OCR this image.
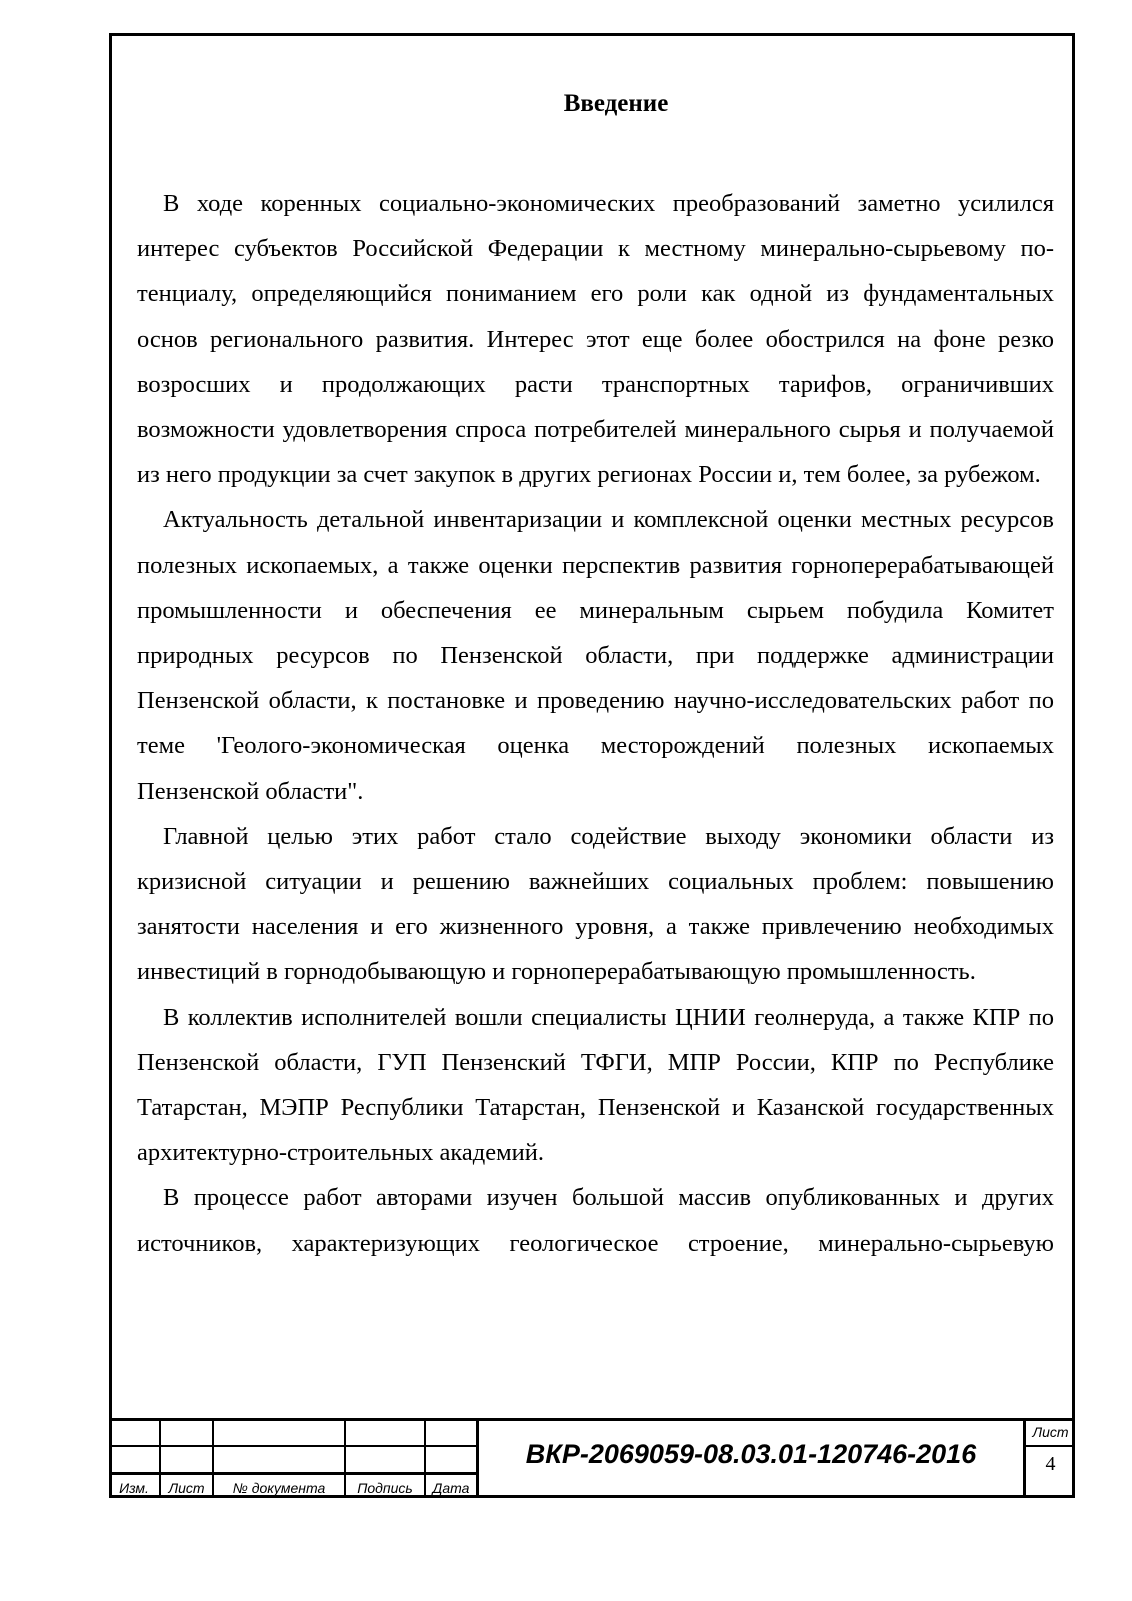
Введение

В ходе коренных социально-экономических преобразований заметно усилился интерес субъектов Российской Федерации к местному минерально-сырьевому потенциалу, определяющийся пониманием его роли как одной из фундаментальных основ регионального развития. Интерес этот еще более обострился на фоне резко возросших и продолжающих расти транспортных тарифов, ограничивших возможности удовлетворения спроса потребителей минерального сырья и получаемой из него продукции за счет закупок в других регионах России и, тем более, за рубежом.

Актуальность детальной инвентаризации и комплексной оценки местных ресурсов полезных ископаемых, а также оценки перспектив развития горноперерабатывающей промышленности и обеспечения ее минеральным сырьем побудила Комитет природных ресурсов по Пензенской области, при поддержке администрации Пензенской области, к постановке и проведению научно-исследовательских работ по теме 'Геолого-экономическая оценка месторождений полезных ископаемых Пензенской области".

Главной целью этих работ стало содействие выходу экономики области из кризисной ситуации и решению важнейших социальных проблем: повышению занятости населения и его жизненного уровня, а также привлечению необходимых инвестиций в горнодобывающую и горноперерабатывающую промышленность.

В коллектив исполнителей вошли специалисты ЦНИИ геолнеруда, а также КПР по Пензенской области, ГУП Пензенский ТФГИ, МПР России, КПР по Республике Татарстан, МЭПР Республики Татарстан, Пензенской и Казанской государственных архитектурно-строительных академий.

В процессе работ авторами изучен большой массив опубликованных и других источников, характеризующих геологическое строение, минерально-сырьевую

Изм.	Лист	№ документа	Подпись	Дата
ВКР-2069059-08.03.01-120746-2016
Лист
4
